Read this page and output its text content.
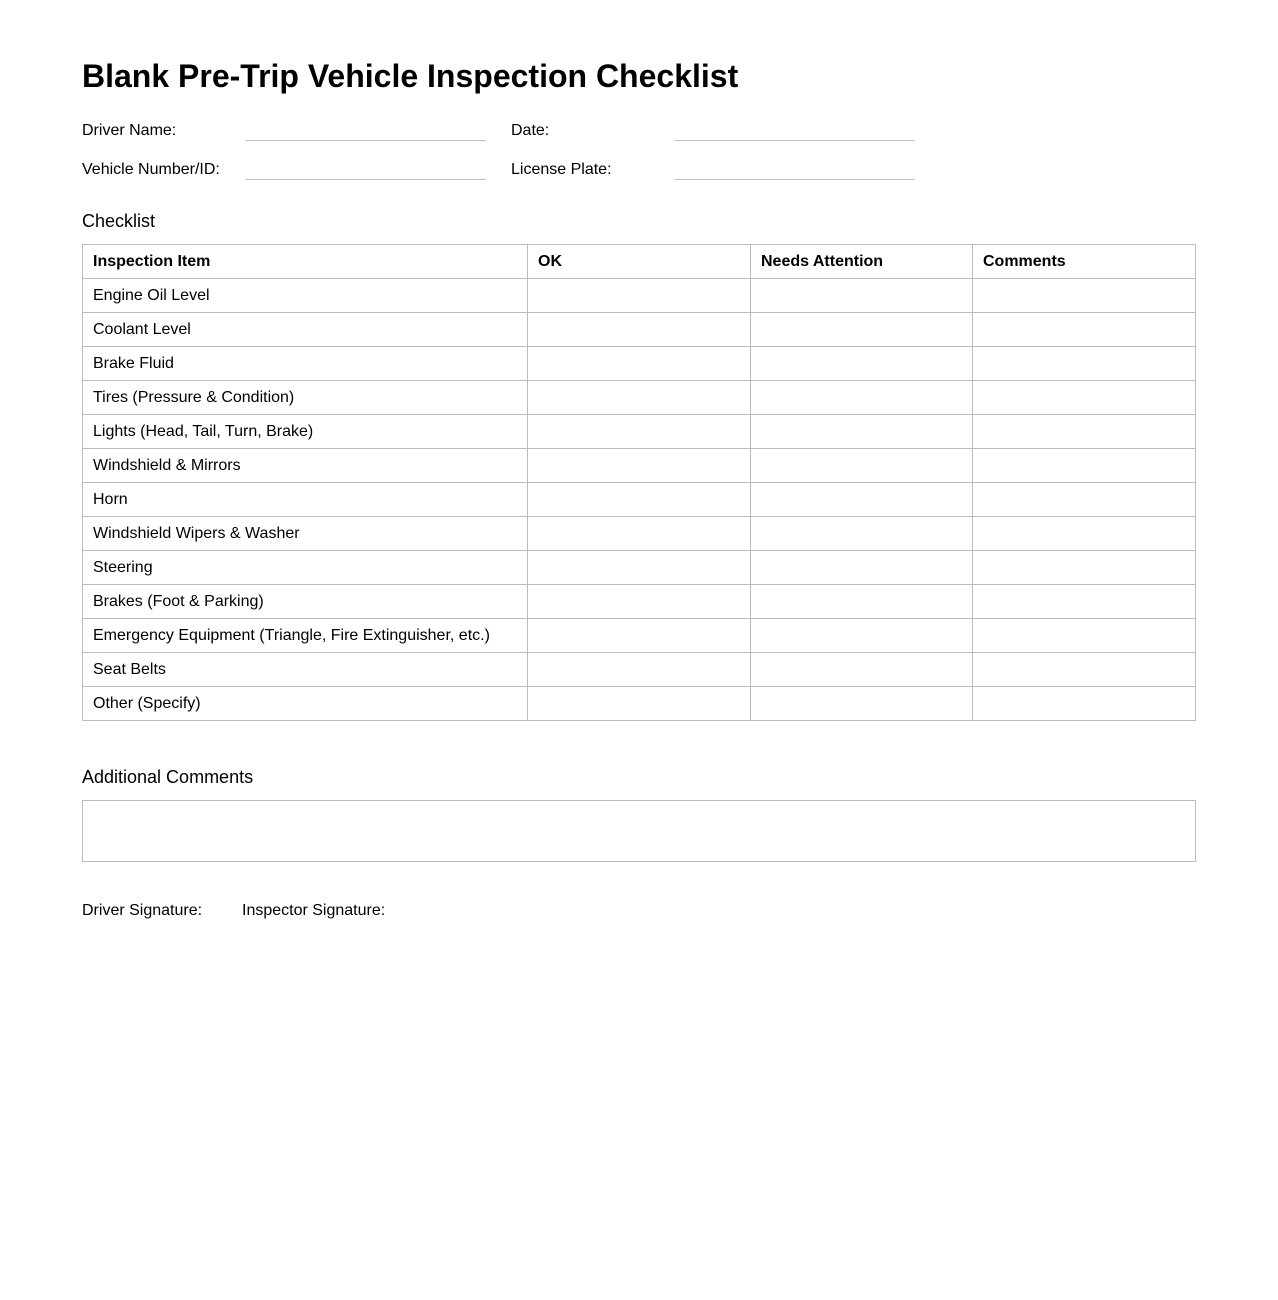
Blank Pre-Trip Vehicle Inspection Checklist
Driver Name:	Date:
Vehicle Number/ID:	License Plate:
Checklist
Inspection Item	OK	Needs Attention	Comments
Engine Oil Level			
Coolant Level			
Brake Fluid			
Tires (Pressure & Condition)			
Lights (Head, Tail, Turn, Brake)			
Windshield & Mirrors			
Horn			
Windshield Wipers & Washer			
Steering			
Brakes (Foot & Parking)			
Emergency Equipment (Triangle, Fire Extinguisher, etc.)			
Seat Belts			
Other (Specify)			
Additional Comments
Driver Signature: Inspector Signature:
